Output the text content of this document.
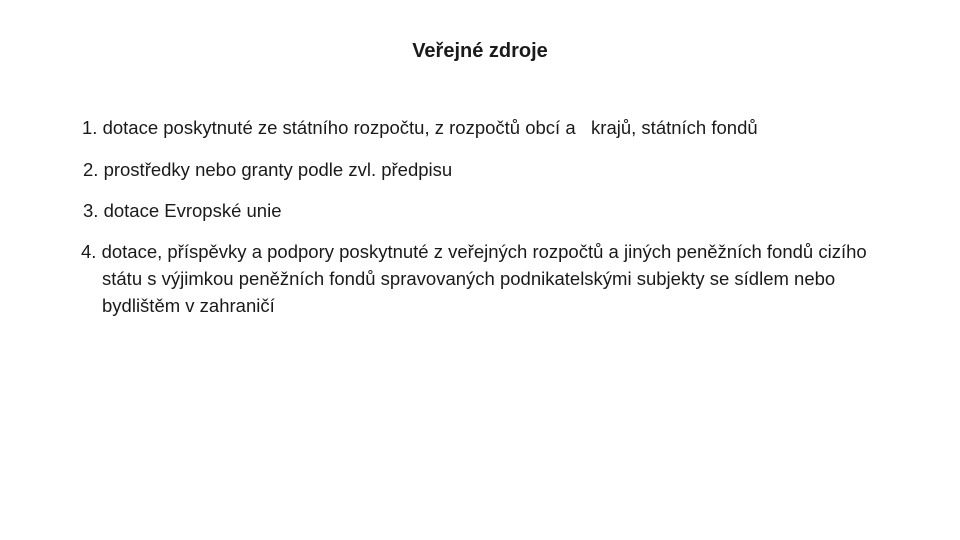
Veřejné zdroje
1. dotace poskytnuté ze státního rozpočtu, z rozpočtů obcí a   krajů, státních fondů
2. prostředky nebo granty podle zvl. předpisu
3. dotace Evropské unie
4. dotace, příspěvky a podpory poskytnuté z veřejných rozpočtů a jiných peněžních fondů cizího státu s výjimkou peněžních fondů spravovaných podnikatelskými subjekty se sídlem nebo bydlištěm v zahraničí
